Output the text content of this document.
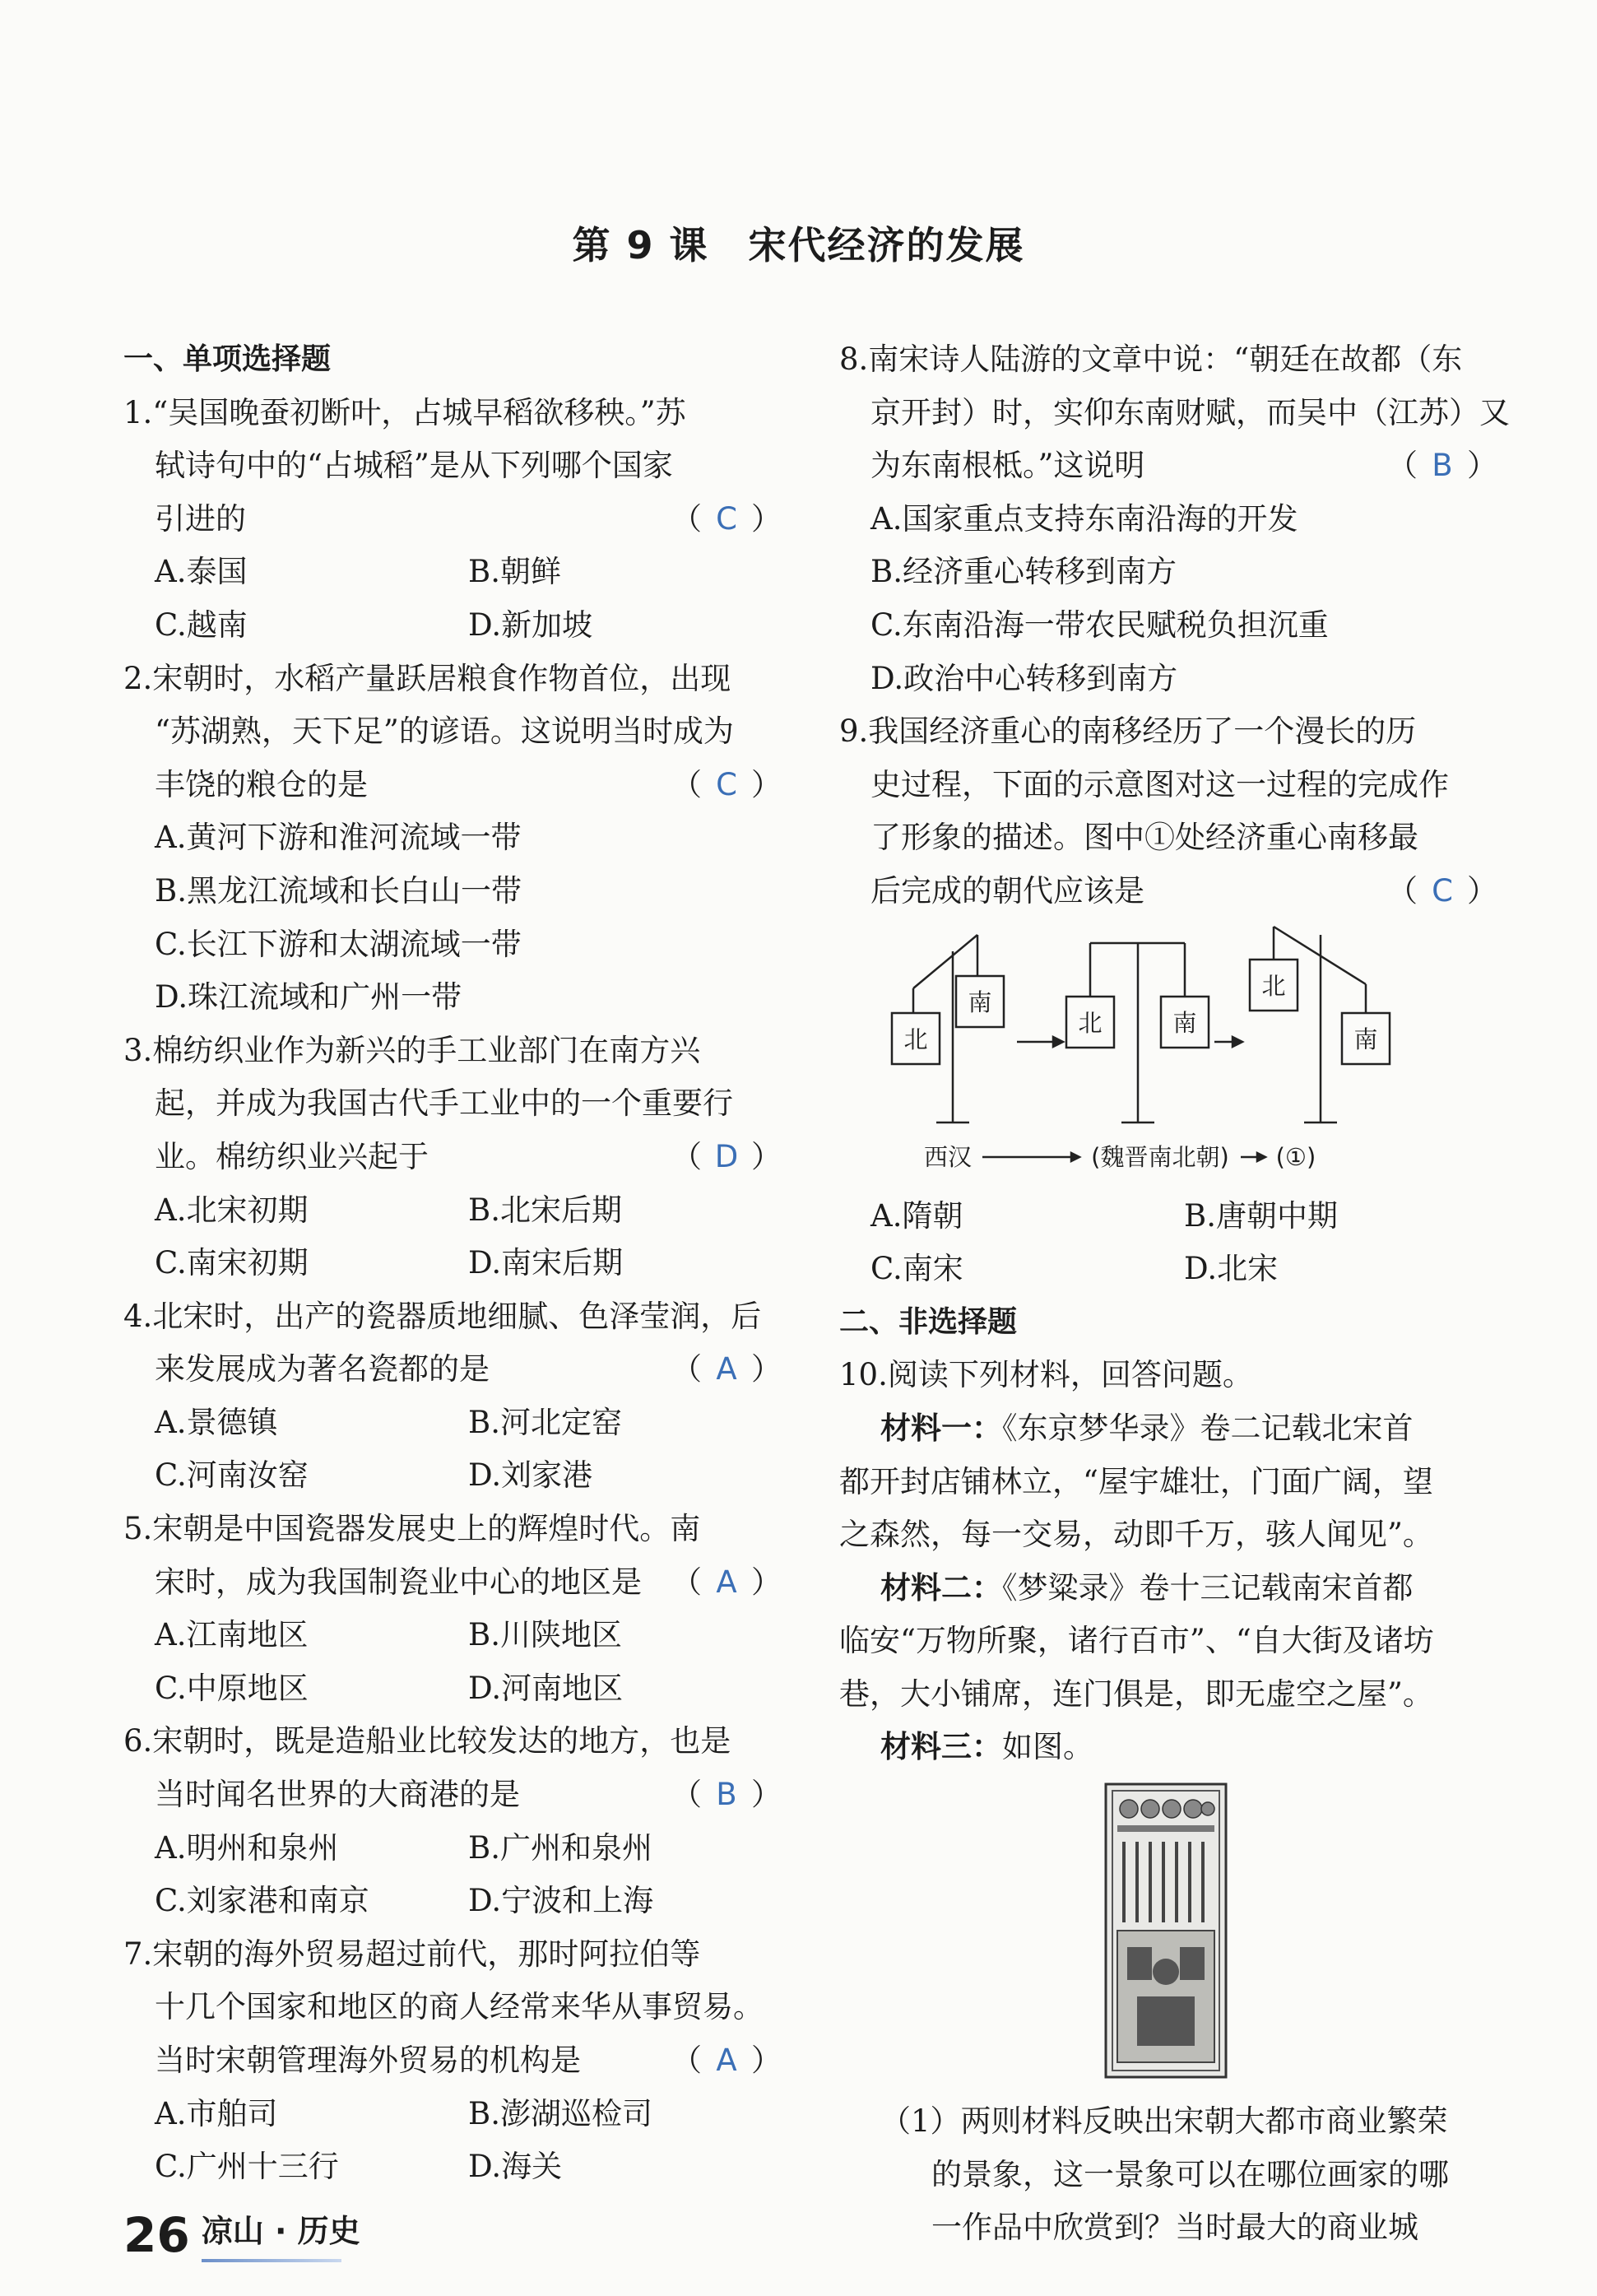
第 9 课 宋代经济的发展
一、单项选择题
1.“吴国晚蚕初断叶，占城早稻欲移秧。”苏
轼诗句中的“占城稻”是从下列哪个国家
引进的	（ C ）
A.泰国	B.朝鲜
C.越南	D.新加坡
2.宋朝时，水稻产量跃居粮食作物首位，出现
“苏湖熟，天下足”的谚语。这说明当时成为
丰饶的粮仓的是	（ C ）
A.黄河下游和淮河流域一带
B.黑龙江流域和长白山一带
C.长江下游和太湖流域一带
D.珠江流域和广州一带
3.棉纺织业作为新兴的手工业部门在南方兴
起，并成为我国古代手工业中的一个重要行
业。棉纺织业兴起于	（ D ）
A.北宋初期	B.北宋后期
C.南宋初期	D.南宋后期
4.北宋时，出产的瓷器质地细腻、色泽莹润，后
来发展成为著名瓷都的是	（ A ）
A.景德镇	B.河北定窑
C.河南汝窑	D.刘家港
5.宋朝是中国瓷器发展史上的辉煌时代。南
宋时，成为我国制瓷业中心的地区是 （ A ）
A.江南地区	B.川陕地区
C.中原地区	D.河南地区
6.宋朝时，既是造船业比较发达的地方，也是
当时闻名世界的大商港的是	（ B ）
A.明州和泉州	B.广州和泉州
C.刘家港和南京	D.宁波和上海
7.宋朝的海外贸易超过前代，那时阿拉伯等
十几个国家和地区的商人经常来华从事贸易。
当时宋朝管理海外贸易的机构是	（ A ）
A.市舶司	B.澎湖巡检司
C.广州十三行	D.海关
8.南宋诗人陆游的文章中说：“朝廷在故都（东
京开封）时，实仰东南财赋，而吴中（江苏）又
为东南根柢。”这说明	（ B ）
A.国家重点支持东南沿海的开发
B.经济重心转移到南方
C.东南沿海一带农民赋税负担沉重
D.政治中心转移到南方
9.我国经济重心的南移经历了一个漫长的历
史过程，下面的示意图对这一过程的完成作
了形象的描述。图中①处经济重心南移最
后完成的朝代应该是	（ C ）
北
南
北	南
北
南
西汉	(魏晋南北朝) (①)
A.隋朝	B.唐朝中期
C.南宋	D.北宋
二、非选择题
10.阅读下列材料，回答问题。
材料一：《东京梦华录》卷二记载北宋首
都开封店铺林立，“屋宇雄壮，门面广阔，望
之森然，每一交易，动即千万，骇人闻见”。
材料二：《梦粱录》卷十三记载南宋首都
临安“万物所聚，诸行百市”、“自大街及诸坊
巷，大小铺席，连门俱是，即无虚空之屋”。
材料三：如图。
（1）两则材料反映出宋朝大都市商业繁荣
的景象，这一景象可以在哪位画家的哪
一作品中欣赏到？当时最大的商业城
26 凉山 · 历史
